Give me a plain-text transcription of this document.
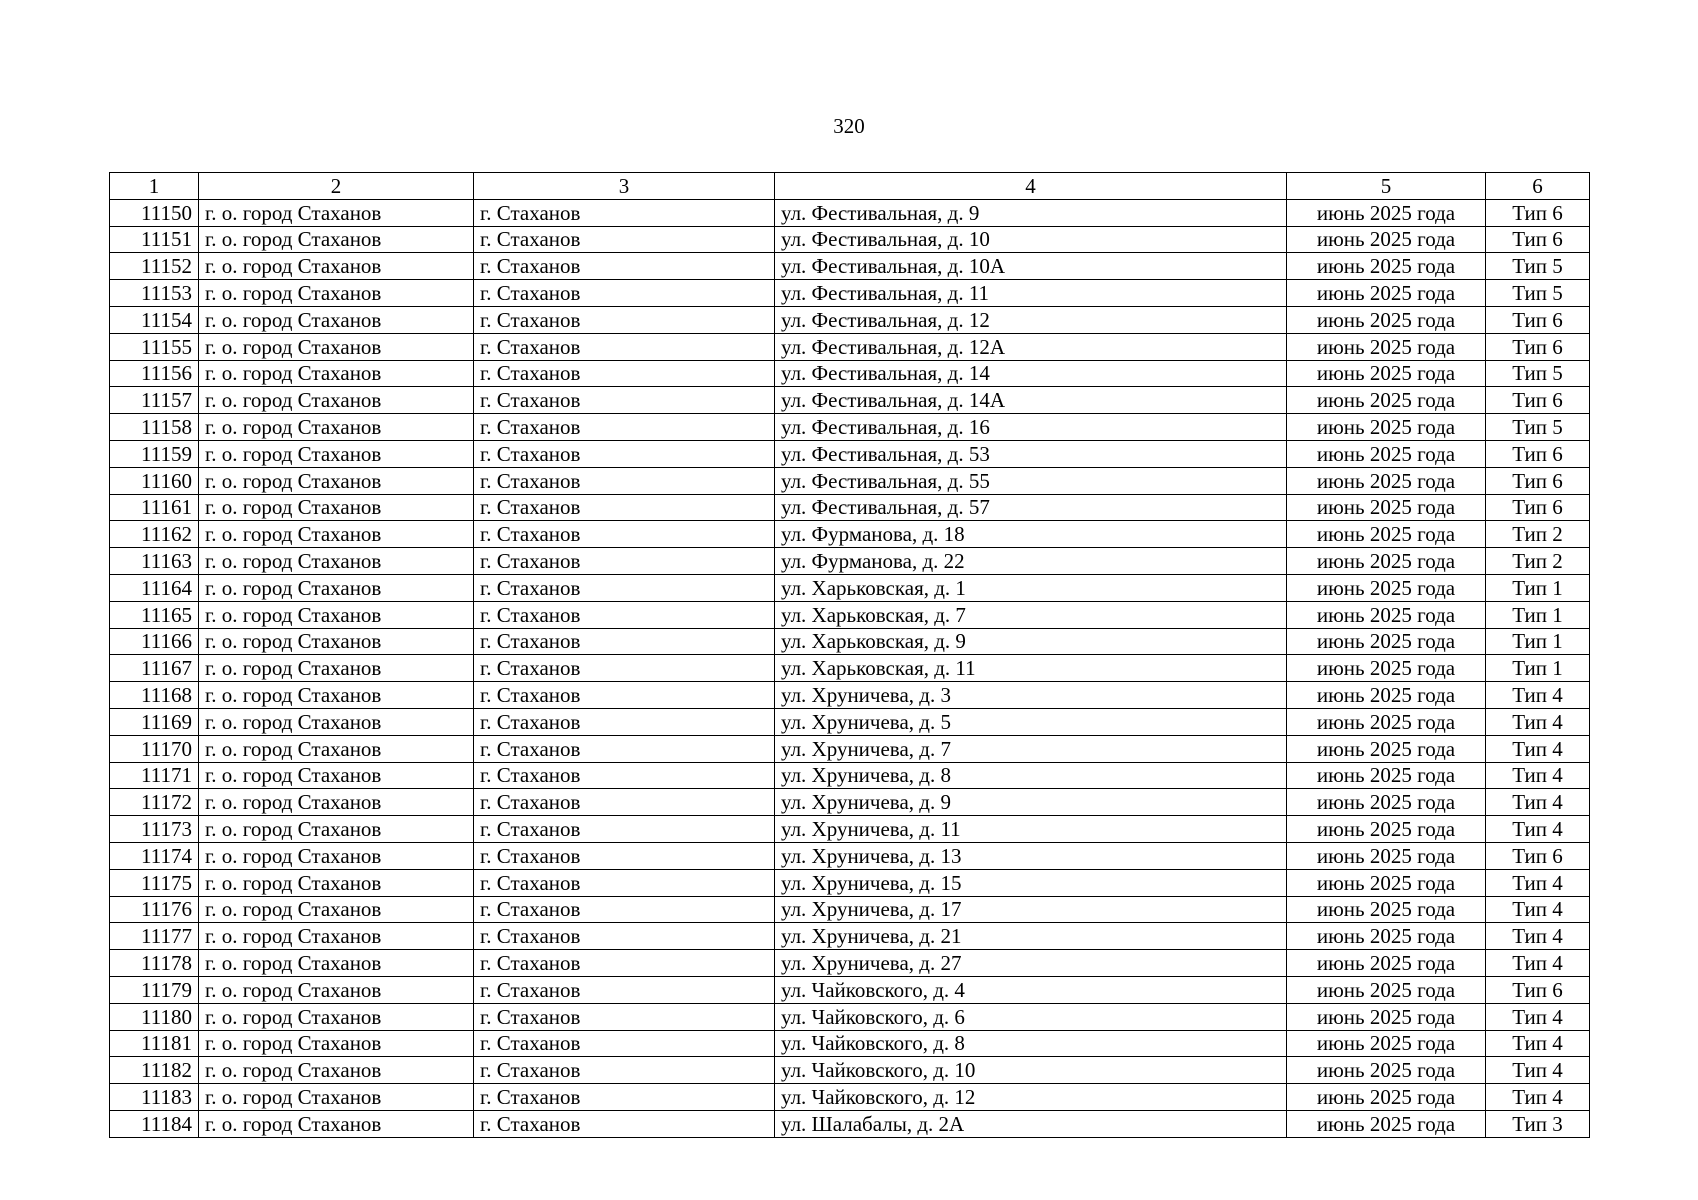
320
1	2	3	4	5	6
11150	г. о. город Стаханов	г. Стаханов	ул. Фестивальная, д. 9	июнь 2025 года	Тип 6
11151	г. о. город Стаханов	г. Стаханов	ул. Фестивальная, д. 10	июнь 2025 года	Тип 6
11152	г. о. город Стаханов	г. Стаханов	ул. Фестивальная, д. 10А	июнь 2025 года	Тип 5
11153	г. о. город Стаханов	г. Стаханов	ул. Фестивальная, д. 11	июнь 2025 года	Тип 5
11154	г. о. город Стаханов	г. Стаханов	ул. Фестивальная, д. 12	июнь 2025 года	Тип 6
11155	г. о. город Стаханов	г. Стаханов	ул. Фестивальная, д. 12А	июнь 2025 года	Тип 6
11156	г. о. город Стаханов	г. Стаханов	ул. Фестивальная, д. 14	июнь 2025 года	Тип 5
11157	г. о. город Стаханов	г. Стаханов	ул. Фестивальная, д. 14А	июнь 2025 года	Тип 6
11158	г. о. город Стаханов	г. Стаханов	ул. Фестивальная, д. 16	июнь 2025 года	Тип 5
11159	г. о. город Стаханов	г. Стаханов	ул. Фестивальная, д. 53	июнь 2025 года	Тип 6
11160	г. о. город Стаханов	г. Стаханов	ул. Фестивальная, д. 55	июнь 2025 года	Тип 6
11161	г. о. город Стаханов	г. Стаханов	ул. Фестивальная, д. 57	июнь 2025 года	Тип 6
11162	г. о. город Стаханов	г. Стаханов	ул. Фурманова, д. 18	июнь 2025 года	Тип 2
11163	г. о. город Стаханов	г. Стаханов	ул. Фурманова, д. 22	июнь 2025 года	Тип 2
11164	г. о. город Стаханов	г. Стаханов	ул. Харьковская, д. 1	июнь 2025 года	Тип 1
11165	г. о. город Стаханов	г. Стаханов	ул. Харьковская, д. 7	июнь 2025 года	Тип 1
11166	г. о. город Стаханов	г. Стаханов	ул. Харьковская, д. 9	июнь 2025 года	Тип 1
11167	г. о. город Стаханов	г. Стаханов	ул. Харьковская, д. 11	июнь 2025 года	Тип 1
11168	г. о. город Стаханов	г. Стаханов	ул. Хруничева, д. 3	июнь 2025 года	Тип 4
11169	г. о. город Стаханов	г. Стаханов	ул. Хруничева, д. 5	июнь 2025 года	Тип 4
11170	г. о. город Стаханов	г. Стаханов	ул. Хруничева, д. 7	июнь 2025 года	Тип 4
11171	г. о. город Стаханов	г. Стаханов	ул. Хруничева, д. 8	июнь 2025 года	Тип 4
11172	г. о. город Стаханов	г. Стаханов	ул. Хруничева, д. 9	июнь 2025 года	Тип 4
11173	г. о. город Стаханов	г. Стаханов	ул. Хруничева, д. 11	июнь 2025 года	Тип 4
11174	г. о. город Стаханов	г. Стаханов	ул. Хруничева, д. 13	июнь 2025 года	Тип 6
11175	г. о. город Стаханов	г. Стаханов	ул. Хруничева, д. 15	июнь 2025 года	Тип 4
11176	г. о. город Стаханов	г. Стаханов	ул. Хруничева, д. 17	июнь 2025 года	Тип 4
11177	г. о. город Стаханов	г. Стаханов	ул. Хруничева, д. 21	июнь 2025 года	Тип 4
11178	г. о. город Стаханов	г. Стаханов	ул. Хруничева, д. 27	июнь 2025 года	Тип 4
11179	г. о. город Стаханов	г. Стаханов	ул. Чайковского, д. 4	июнь 2025 года	Тип 6
11180	г. о. город Стаханов	г. Стаханов	ул. Чайковского, д. 6	июнь 2025 года	Тип 4
11181	г. о. город Стаханов	г. Стаханов	ул. Чайковского, д. 8	июнь 2025 года	Тип 4
11182	г. о. город Стаханов	г. Стаханов	ул. Чайковского, д. 10	июнь 2025 года	Тип 4
11183	г. о. город Стаханов	г. Стаханов	ул. Чайковского, д. 12	июнь 2025 года	Тип 4
11184	г. о. город Стаханов	г. Стаханов	ул. Шалабалы, д. 2А	июнь 2025 года	Тип 3
